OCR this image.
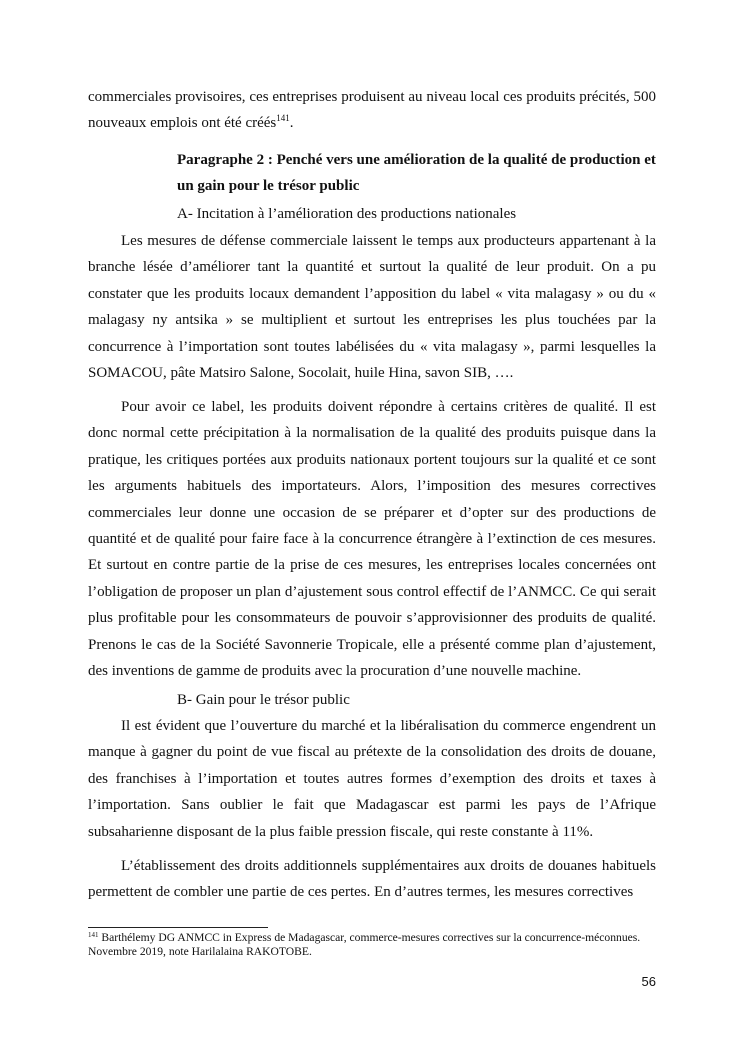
commerciales provisoires, ces entreprises produisent au niveau local ces produits précités, 500 nouveaux emplois ont été créés$^{141}$.

Paragraphe 2 : Penché vers une amélioration de la qualité de production et un gain pour le trésor public

A- Incitation à l’amélioration des productions nationales

Les mesures de défense commerciale laissent le temps aux producteurs appartenant à la branche lésée d’améliorer tant la quantité et surtout la qualité de leur produit. On a pu constater que les produits locaux demandent l’apposition du label « vita malagasy » ou du « malagasy ny antsika » se multiplient et surtout les entreprises les plus touchées par la concurrence à l’importation sont toutes labélisées du « vita malagasy », parmi lesquelles la SOMACOU, pâte Matsiro Salone, Socolait, huile Hina, savon SIB, ….

Pour avoir ce label, les produits doivent répondre à certains critères de qualité. Il est donc normal cette précipitation à la normalisation de la qualité des produits puisque dans la pratique, les critiques portées aux produits nationaux portent toujours sur la qualité et ce sont les arguments habituels des importateurs. Alors, l’imposition des mesures correctives commerciales leur donne une occasion de se préparer et d’opter sur des productions de quantité et de qualité pour faire face à la concurrence étrangère à l’extinction de ces mesures. Et surtout en contre partie de la prise de ces mesures, les entreprises locales concernées ont l’obligation de proposer un plan d’ajustement sous control effectif de l’ANMCC. Ce qui serait plus profitable pour les consommateurs de pouvoir s’approvisionner des produits de qualité. Prenons le cas de la Société Savonnerie Tropicale, elle a présenté comme plan d’ajustement, des inventions de gamme de produits avec la procuration d’une nouvelle machine.

B- Gain pour le trésor public

Il est évident que l’ouverture du marché et la libéralisation du commerce engendrent un manque à gagner du point de vue fiscal au prétexte de la consolidation des droits de douane, des franchises à l’importation et toutes autres formes d’exemption des droits et taxes à l’importation. Sans oublier le fait que Madagascar est parmi les pays de l’Afrique subsaharienne disposant de la plus faible pression fiscale, qui reste constante à 11%.

L’établissement des droits additionnels supplémentaires aux droits de douanes habituels permettent de combler une partie de ces pertes. En d’autres termes, les mesures correctives

$^{141}$ Barthélemy DG ANMCC in Express de Madagascar, commerce-mesures correctives sur la concurrence-méconnues. Novembre 2019, note Harilalaina RAKOTOBE.

56
